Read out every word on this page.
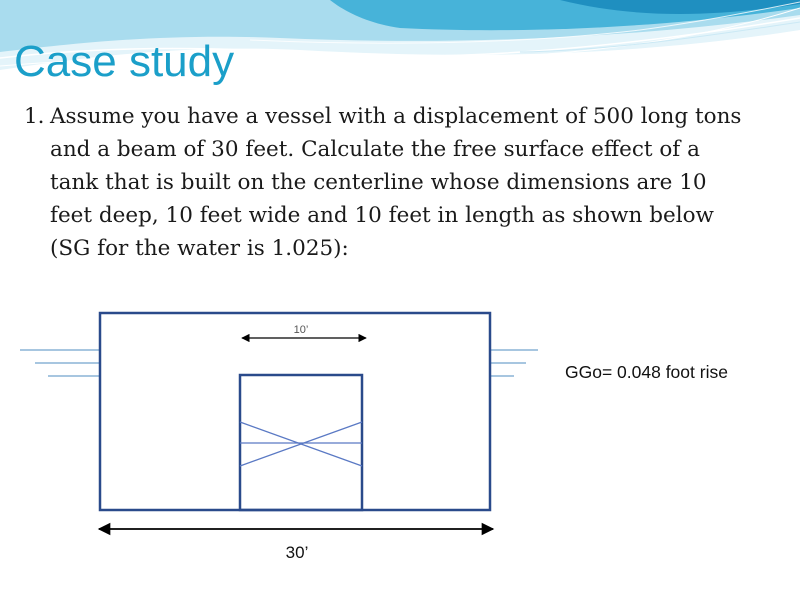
Case study
1. Assume you have a vessel with a displacement of 500 long tons and a beam of 30 feet. Calculate the free surface effect of a tank that is built on the centerline whose dimensions are 10 feet deep, 10 feet wide and 10 feet in length as shown below (SG for the water is 1.025):
10’
30’
GGo= 0.048 foot rise
